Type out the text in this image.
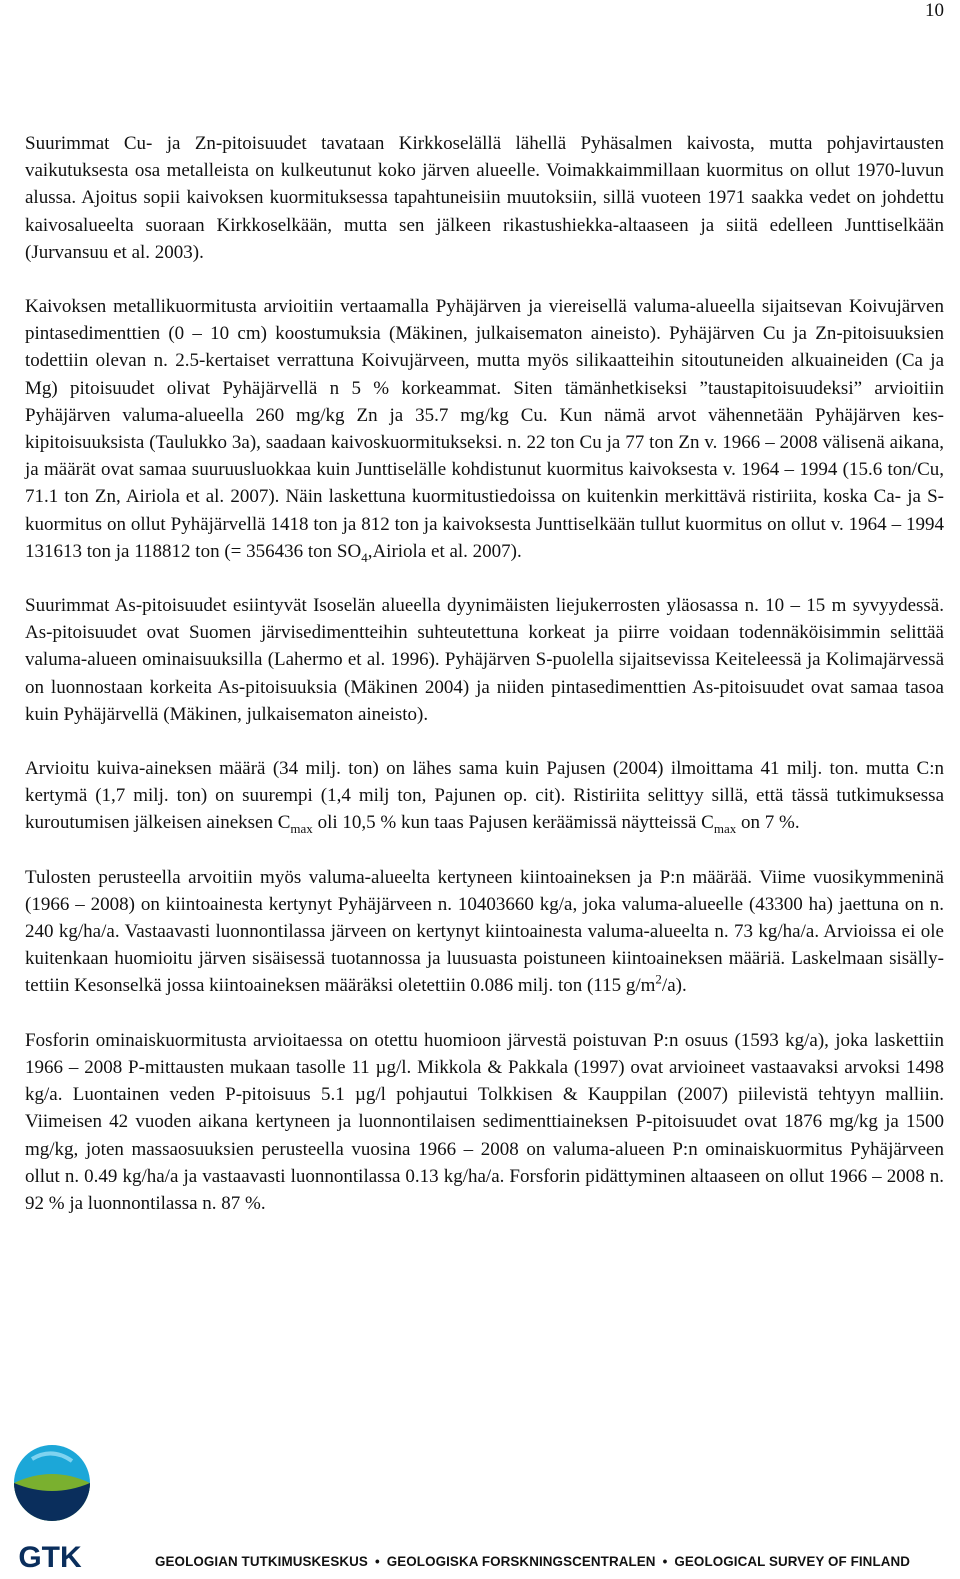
10

Suurimmat Cu- ja Zn-pitoisuudet tavataan Kirkkoselällä lähellä Pyhäsalmen kaivosta, mutta pohjavirtausten vaikutuksesta osa metalleista on kulkeutunut koko järven alueelle. Voimakkaimmillaan kuormitus on ollut 1970-luvun alussa. Ajoitus sopii kaivoksen kuormituksessa tapahtuneisiin muutoksiin, sillä vuoteen 1971 saakka vedet on johdettu kaivosalueelta suoraan Kirkkoselkään, mutta sen jälkeen rikastushiekka-altaaseen ja siitä edelleen Junttiselkään (Jurvansuu et al. 2003).

Kaivoksen metallikuormitusta arvioitiin vertaamalla Pyhäjärven ja viereisellä valuma-alueella sijaitsevan Koivujärven pintasedimenttien (0 – 10 cm) koostumuksia (Mäkinen, julkaisematon aineisto). Pyhäjärven Cu ja Zn-pitoisuuksien todettiin olevan n. 2.5-kertaiset verrattuna Koivujärveen, mutta myös silikaatteihin sitoutuneiden alkuaineiden (Ca ja Mg) pitoisuudet olivat Pyhäjärvellä n 5 % korkeammat. Siten tämänhetkiseksi ”taustapitoisuudeksi” arvioitiin Pyhäjärven valuma-alueella 260 mg/kg Zn ja 35.7 mg/kg Cu. Kun nämä arvot vähennetään Pyhäjärven keskipitoisuuksista (Taulukko 3a), saadaan kaivoskuormitukseksi. n. 22 ton Cu ja 77 ton Zn v. 1966 – 2008 välisenä aikana, ja määrät ovat samaa suuruusluokkaa kuin Junttiselälle kohdistunut kuormitus kaivoksesta v. 1964 – 1994 (15.6 ton/Cu, 71.1 ton Zn, Airiola et al. 2007). Näin laskettuna kuormitustiedoissa on kuitenkin merkittävä ristiriita, koska Ca- ja S- kuormitus on ollut Pyhäjärvellä 1418 ton ja 812 ton ja kaivoksesta Junttiselkään tullut kuormitus on ollut v. 1964 – 1994 131613 ton ja 118812 ton (= 356436 ton $SO_4,Airiola$ et al. 2007).

Suurimmat As-pitoisuudet esiintyvät Isoselän alueella dyynimäisten liejukerrosten yläosassa n. 10 – 15 m syvyydessä. As-pitoisuudet ovat Suomen järvisedimentteihin suhteutettuna korkeat ja piirre voidaan todennäköisimmin selittää valuma-alueen ominaisuuksilla (Lahermo et al. 1996). Pyhäjärven S-puolella sijaitsevissa Keiteleessä ja Kolimajärvessä on luonnostaan korkeita As-pitoisuuksia (Mäkinen 2004) ja niiden pintasedimenttien As-pitoisuudet ovat samaa tasoa kuin Pyhäjärvellä (Mäkinen, julkaisematon aineisto).

Arvioitu kuiva-aineksen määrä (34 milj. ton) on lähes sama kuin Pajusen (2004) ilmoittama 41 milj. ton. mutta C:n kertymä (1,7 milj. ton) on suurempi (1,4 milj ton, Pajunen op. cit). Ristiriita selittyy sillä, että tässä tutkimuksessa kuroutumisen jälkeisen aineksen $C_{max}$ oli 10,5 % kun taas Pajusen keräämissä näytteissä $C_{max}$ on 7 %.

Tulosten perusteella arvoitiin myös valuma-alueelta kertyneen kiintoaineksen ja P:n määrää. Viime vuosikymmeninä (1966 – 2008) on kiintoainesta kertynyt Pyhäjärveen n. 10403660 kg/a, joka valuma-alueelle (43300 ha) jaettuna on n. 240 kg/ha/a. Vastaavasti luonnontilassa järveen on kertynyt kiintoainesta valuma-alueelta n. 73 kg/ha/a. Arvioissa ei ole kuitenkaan huomioitu järven sisäisessä tuotannossa ja luusuasta poistuneen kiintoaineksen määriä. Laskelmaan sisällytettiin Kesonselkä jossa kiintoaineksen määräksi oletettiin 0.086 milj. ton (115 $g/m^2/a$).

Fosforin ominaiskuormitusta arvioitaessa on otettu huomioon järvestä poistuvan P:n osuus (1593 kg/a), joka laskettiin 1966 – 2008 P-mittausten mukaan tasolle 11 µg/l. Mikkola & Pakkala (1997) ovat arvioineet vastaavaksi arvoksi 1498 kg/a. Luontainen veden P-pitoisuus 5.1 µg/l pohjautui Tolkkisen & Kauppilan (2007) piilevistä tehtyyn malliin. Viimeisen 42 vuoden aikana kertyneen ja luonnontilaisen sedimenttiaineksen P-pitoisuudet ovat 1876 mg/kg ja 1500 mg/kg, joten massaosuuksien perusteella vuosina 1966 – 2008 on valuma-alueen P:n ominaiskuormitus Pyhäjärveen ollut n. 0.49 kg/ha/a ja vastaavasti luonnontilassa 0.13 kg/ha/a. Forsforin pidättyminen altaaseen on ollut 1966 – 2008 n. 92 % ja luonnontilassa n. 87 %.

GTK	GEOLOGIAN TUTKIMUSKESKUS • GEOLOGISKA FORSKNINGSCENTRALEN • GEOLOGICAL SURVEY OF FINLAND
